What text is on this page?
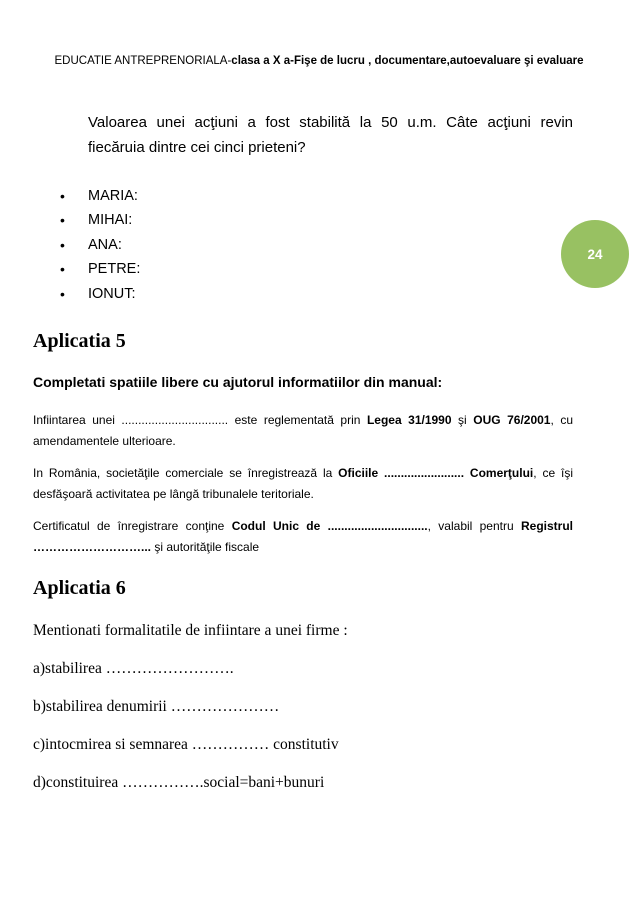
EDUCATIE ANTREPRENORIALA-clasa a X a-Fişe de lucru , documentare,autoevaluare şi evaluare
Valoarea unei acţiuni a fost stabilită la 50 u.m. Câte acţiuni revin fiecăruia dintre cei cinci prieteni?
• MARIA:
• MIHAI:
• ANA:
• PETRE:
• IONUT:
24
Aplicatia 5
Completati spatiile libere cu ajutorul informatiilor din manual:
Infiintarea unei ................................ este reglementată prin Legea 31/1990 şi OUG 76/2001, cu amendamentele ulterioare.
In România, societăţile comerciale se înregistrează la Oficiile ........................ Comerţului, ce îşi desfăşoară activitatea pe lângă tribunalele teritoriale.
Certificatul de înregistrare conţine Codul Unic de .............................., valabil pentru Registrul ………………………... şi autorităţile fiscale
Aplicatia 6
Mentionati formalitatile de infiintare a unei firme :
a)stabilirea …………………….
b)stabilirea denumirii …………………
c)intocmirea si semnarea …………… constitutiv
d)constituirea …………….social=bani+bunuri
